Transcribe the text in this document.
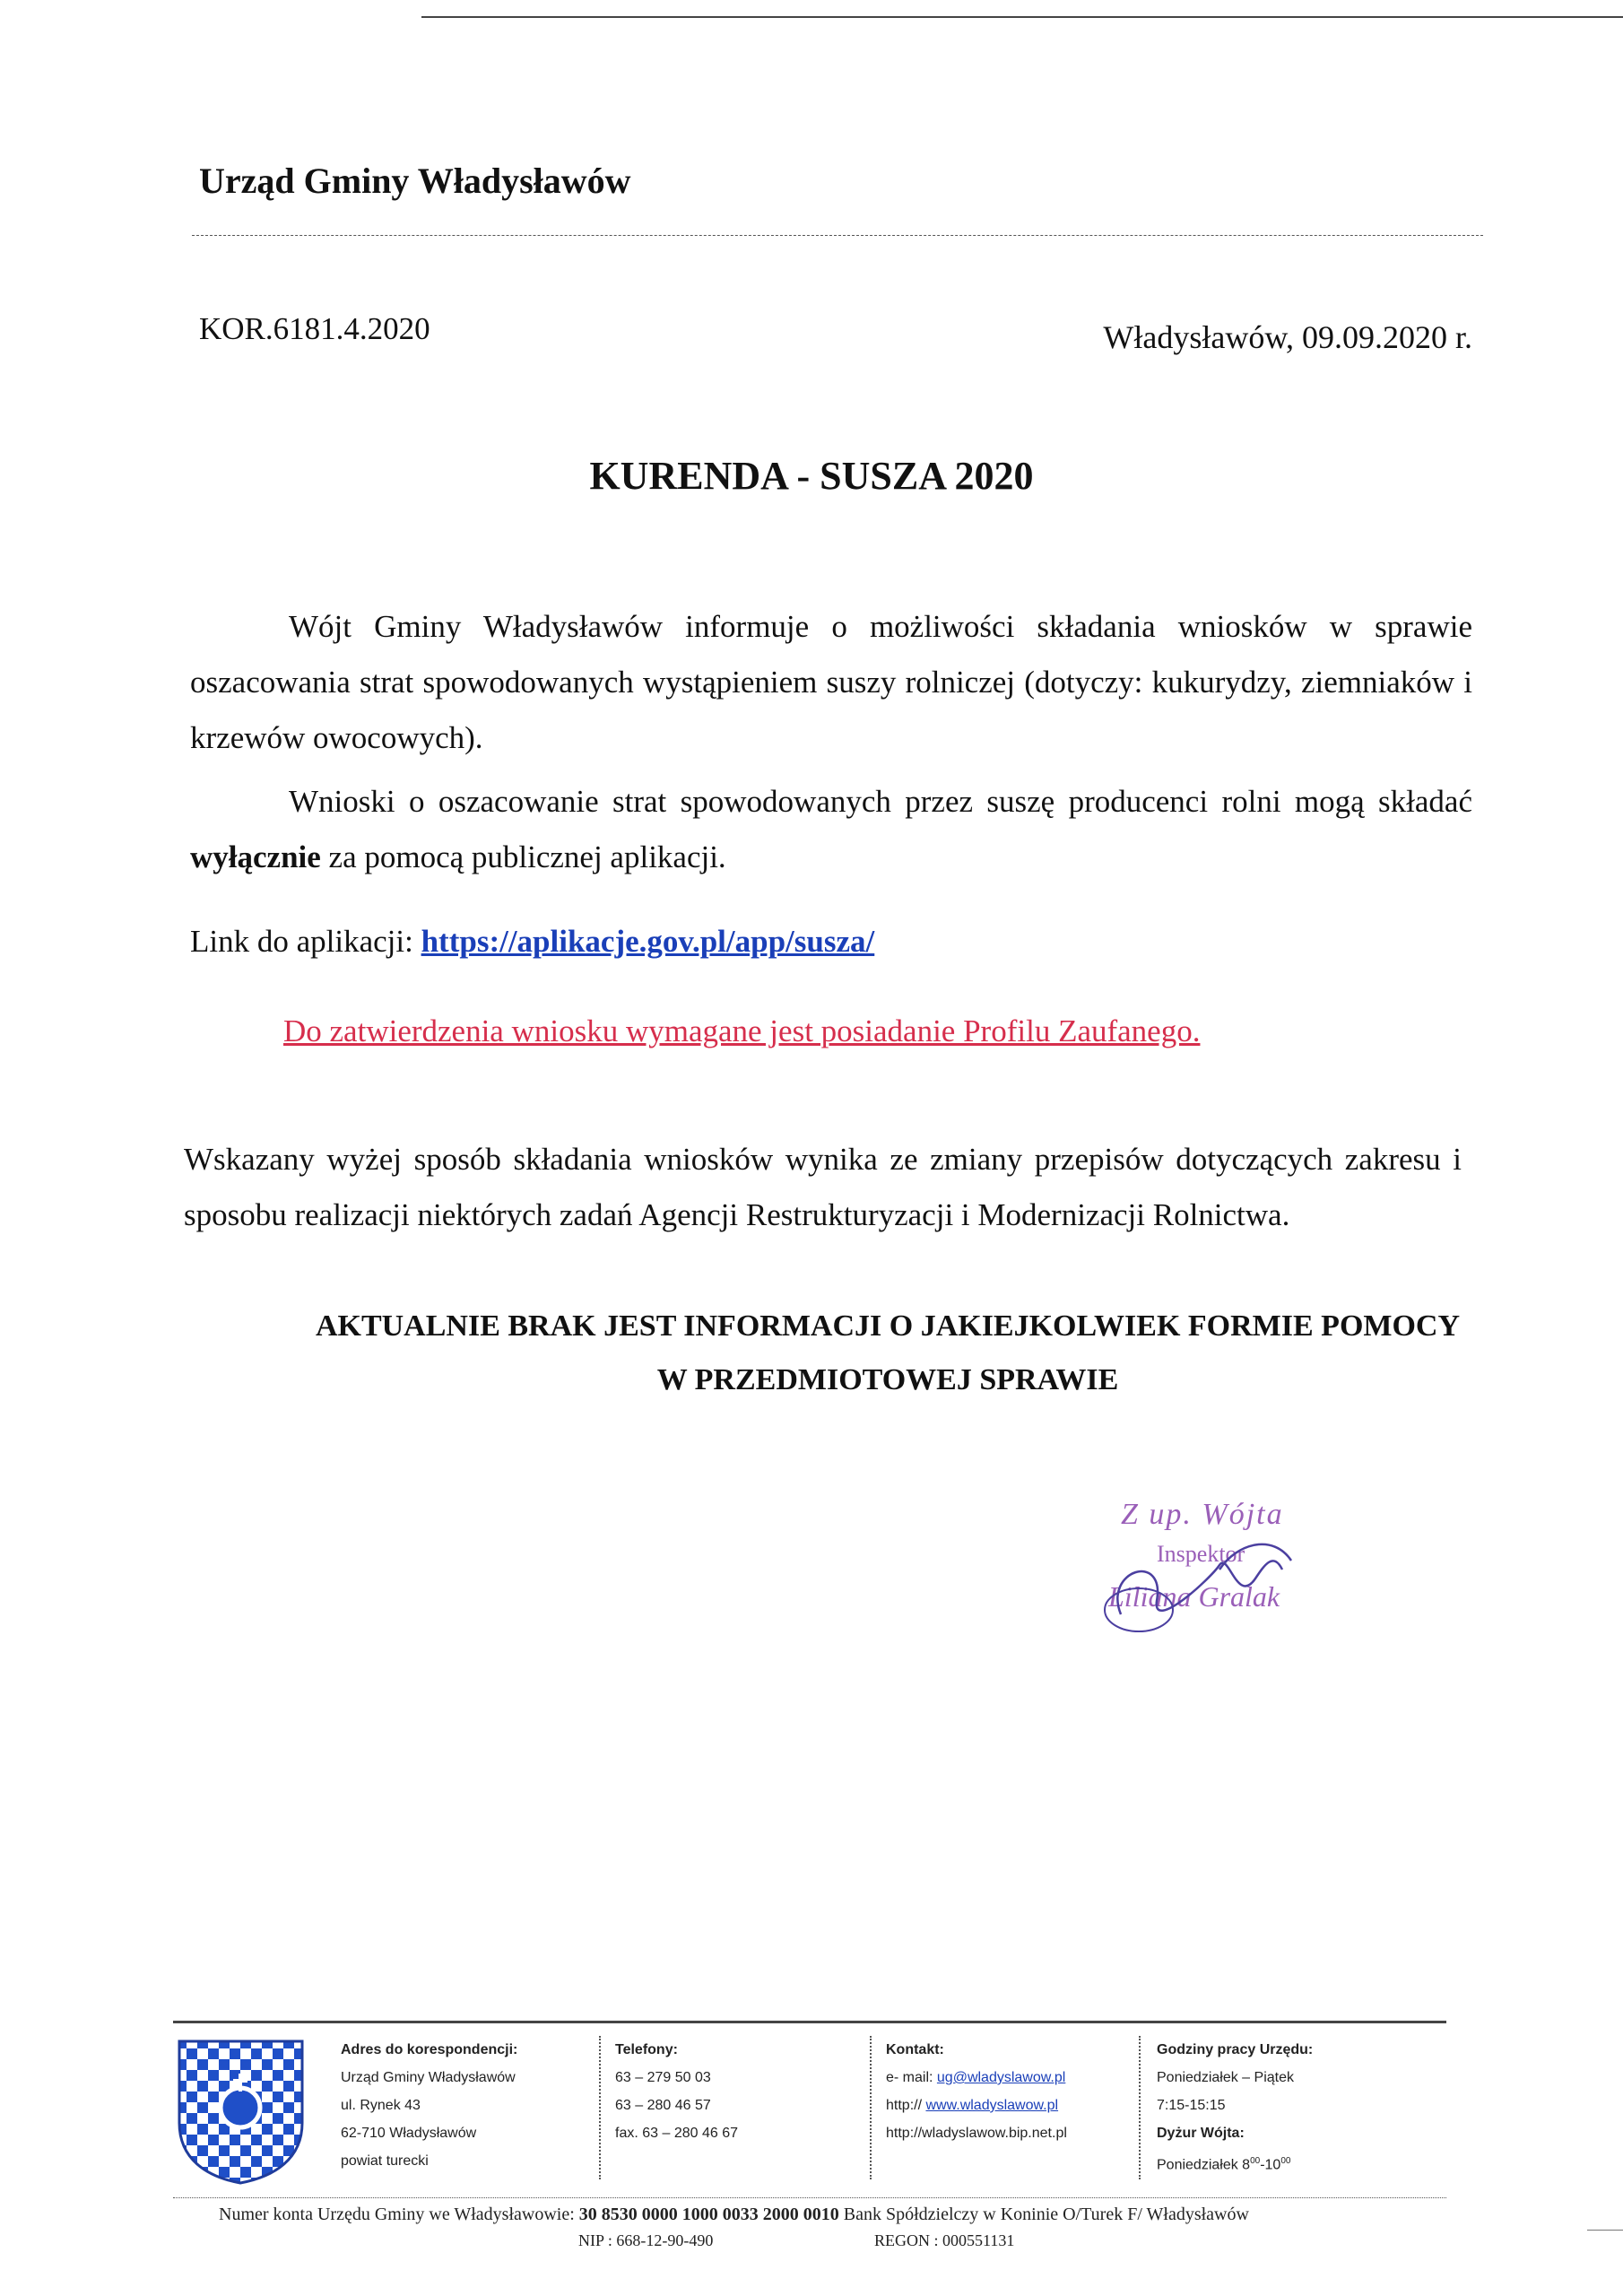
Urząd Gminy Władysławów
KOR.6181.4.2020	Władysławów, 09.09.2020 r.
KURENDA - SUSZA 2020
Wójt Gminy Władysławów informuje o możliwości składania wniosków w sprawie oszacowania strat spowodowanych wystąpieniem suszy rolniczej (dotyczy: kukurydzy, ziemniaków i krzewów owocowych).
Wnioski o oszacowanie strat spowodowanych przez suszę producenci rolni mogą składać wyłącznie za pomocą publicznej aplikacji.
Link do aplikacji: https://aplikacje.gov.pl/app/susza/
Do zatwierdzenia wniosku wymagane jest posiadanie Profilu Zaufanego.
Wskazany wyżej sposób składania wniosków wynika ze zmiany przepisów dotyczących zakresu i sposobu realizacji niektórych zadań Agencji Restrukturyzacji i Modernizacji Rolnictwa.
AKTUALNIE BRAK JEST INFORMACJI O JAKIEJKOLWIEK FORMIE POMOCY
W PRZEDMIOTOWEJ SPRAWIE
Z up. Wójta
Inspektor
Liliana Gralak
Adres do korespondencji:
Urząd Gminy Władysławów
ul. Rynek 43
62-710 Władysławów
powiat turecki
Telefony:
63 – 279 50 03
63 – 280 46 57
fax. 63 – 280 46 67
Kontakt:
e- mail: ug@wladyslawow.pl
http:// www.wladyslawow.pl
http://wladyslawow.bip.net.pl
Godziny pracy Urzędu:
Poniedziałek – Piątek
7:15-15:15
Dyżur Wójta:
Poniedziałek $8^{00}-10^{00}$
Numer konta Urzędu Gminy we Władysławowie: 30 8530 0000 1000 0033 2000 0010 Bank Spółdzielczy w Koninie O/Turek F/ Władysławów
NIP : 668-12-90-490	REGON : 000551131
